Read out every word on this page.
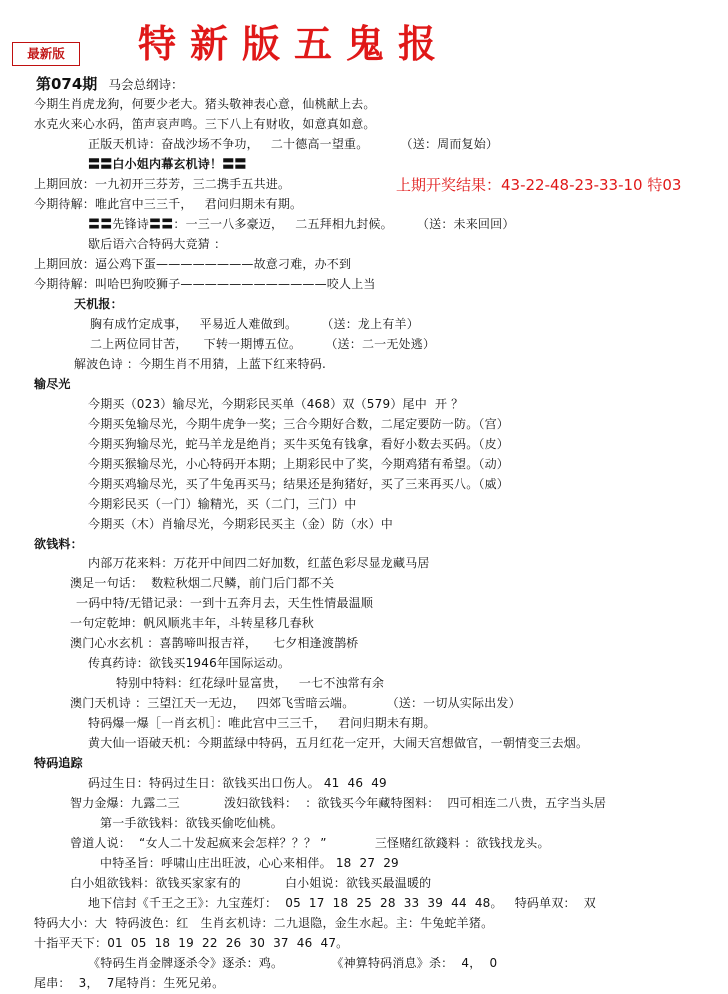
最新版	特新版五鬼报
第074期 马会总纲诗：
上期开奖结果：43-22-48-23-33-10 特03
今期生肖虎龙狗，何要少老大。猪头敬神表心意，仙桃献上去。
水克火来心水码，笛声哀声鸣。三下八上有财收，如意真如意。
正版天机诗：奋战沙场不争功，   二十德高一望重。        （送：周而复始）
〓〓白小姐内幕玄机诗！〓〓
上期回放：一九初开三芬芳，三二携手五共进。
今期待解：唯此宫中三三千，   君问归期未有期。
〓〓先锋诗〓〓：一三一八多豪迈，   二五拜相九封候。      （送：未来回回）
歇后语六合特码大竞猜 ：
上期回放：逼公鸡下蛋————————故意刁难，办不到
今期待解：叫哈巴狗咬狮子————————————咬人上当
天机报：
胸有成竹定成事，   平易近人难做到。      （送：龙上有羊）
二上两位同甘苦，    下转一期博五位。      （送：二一无处逃）
解波色诗 ：今期生肖不用猜，上蓝下红来特码.
输尽光
今期买（023）输尽光，今期彩民买单（468）双（579）尾中  开 ？
今期买兔输尽光，今期牛虎争一奖；三合今期好合数，二尾定要防一防。（宫）
今期买狗输尽光，蛇马羊龙是绝肖；买牛买兔有钱拿，看好小数去买码。（皮）
今期买猴输尽光，小心特码开本期；上期彩民中了奖，今期鸡猪有希望。（动）
今期买鸡输尽光，买了牛兔再买马；结果还是狗猪好，买了三来再买八。（威）
今期彩民买（一门）输精光，买（二门，三门）中
今期买（木）肖输尽光，今期彩民买主（金）防（水）中
欲钱料：
内部万花来料：万花开中间四二好加数，红蓝色彩尽显龙藏马居
澳足一句话：  数粒秋烟二尺鳞，前门后门都不关
一码中特/无错记录：一到十五奔月去，天生性情最温顺
一句定乾坤：帆风顺兆丰年，斗转星移几春秋
澳门心水玄机 ：喜鹊啼叫报吉祥，    七夕相逢渡鹊桥
传真药诗：欲钱买1946年国际运动。
特别中特料：红花绿叶显富贵，   一七不浊常有余
澳门天机诗 ：三望江天一无边，   四郊飞雪暗云端。        （送：一切从实际出发）
特码爆一爆［一肖玄机］：唯此宫中三三千，   君问归期未有期。
黄大仙一语破天机：今期蓝绿中特码，五月红花一定开，大闹天宫想做官，一朝情变三去烟。
特码追踪
码过生日：特码过生日：欲钱买出口伤人。 41  46  49
智力金爆：九露二三           泼妇欲钱料：  ：欲钱买今年藏特图料：  四可相连二八贵，五字当头居
第一手欲钱料：欲钱买偷吃仙桃。
曾道人说：  “女人二十发起疯来会怎样？？？ ”            三怪赌红欲錢料 ：欲钱找龙头。
中特圣旨：呼啸山庄出旺波，心心来相伴。 18  27  29
白小姐欲钱料：欲钱买家家有的           白小姐说：欲钱买最温暖的
地下信封《千王之王》：九宝莲灯：  05  17  18  25  28  33  39  44  48。   特码单双：  双
特码大小：大  特码波色：红   生肖玄机诗：二九退隐，金生水起。主：牛兔蛇羊猪。
十指平天下：01  05  18  19  22  26  30  37  46  47。
《特码生肖金牌逐杀令》逐杀：鸡。            《神算特码消息》杀：  4，  0
尾串：  3，  7尾特肖：生死兄弟。
